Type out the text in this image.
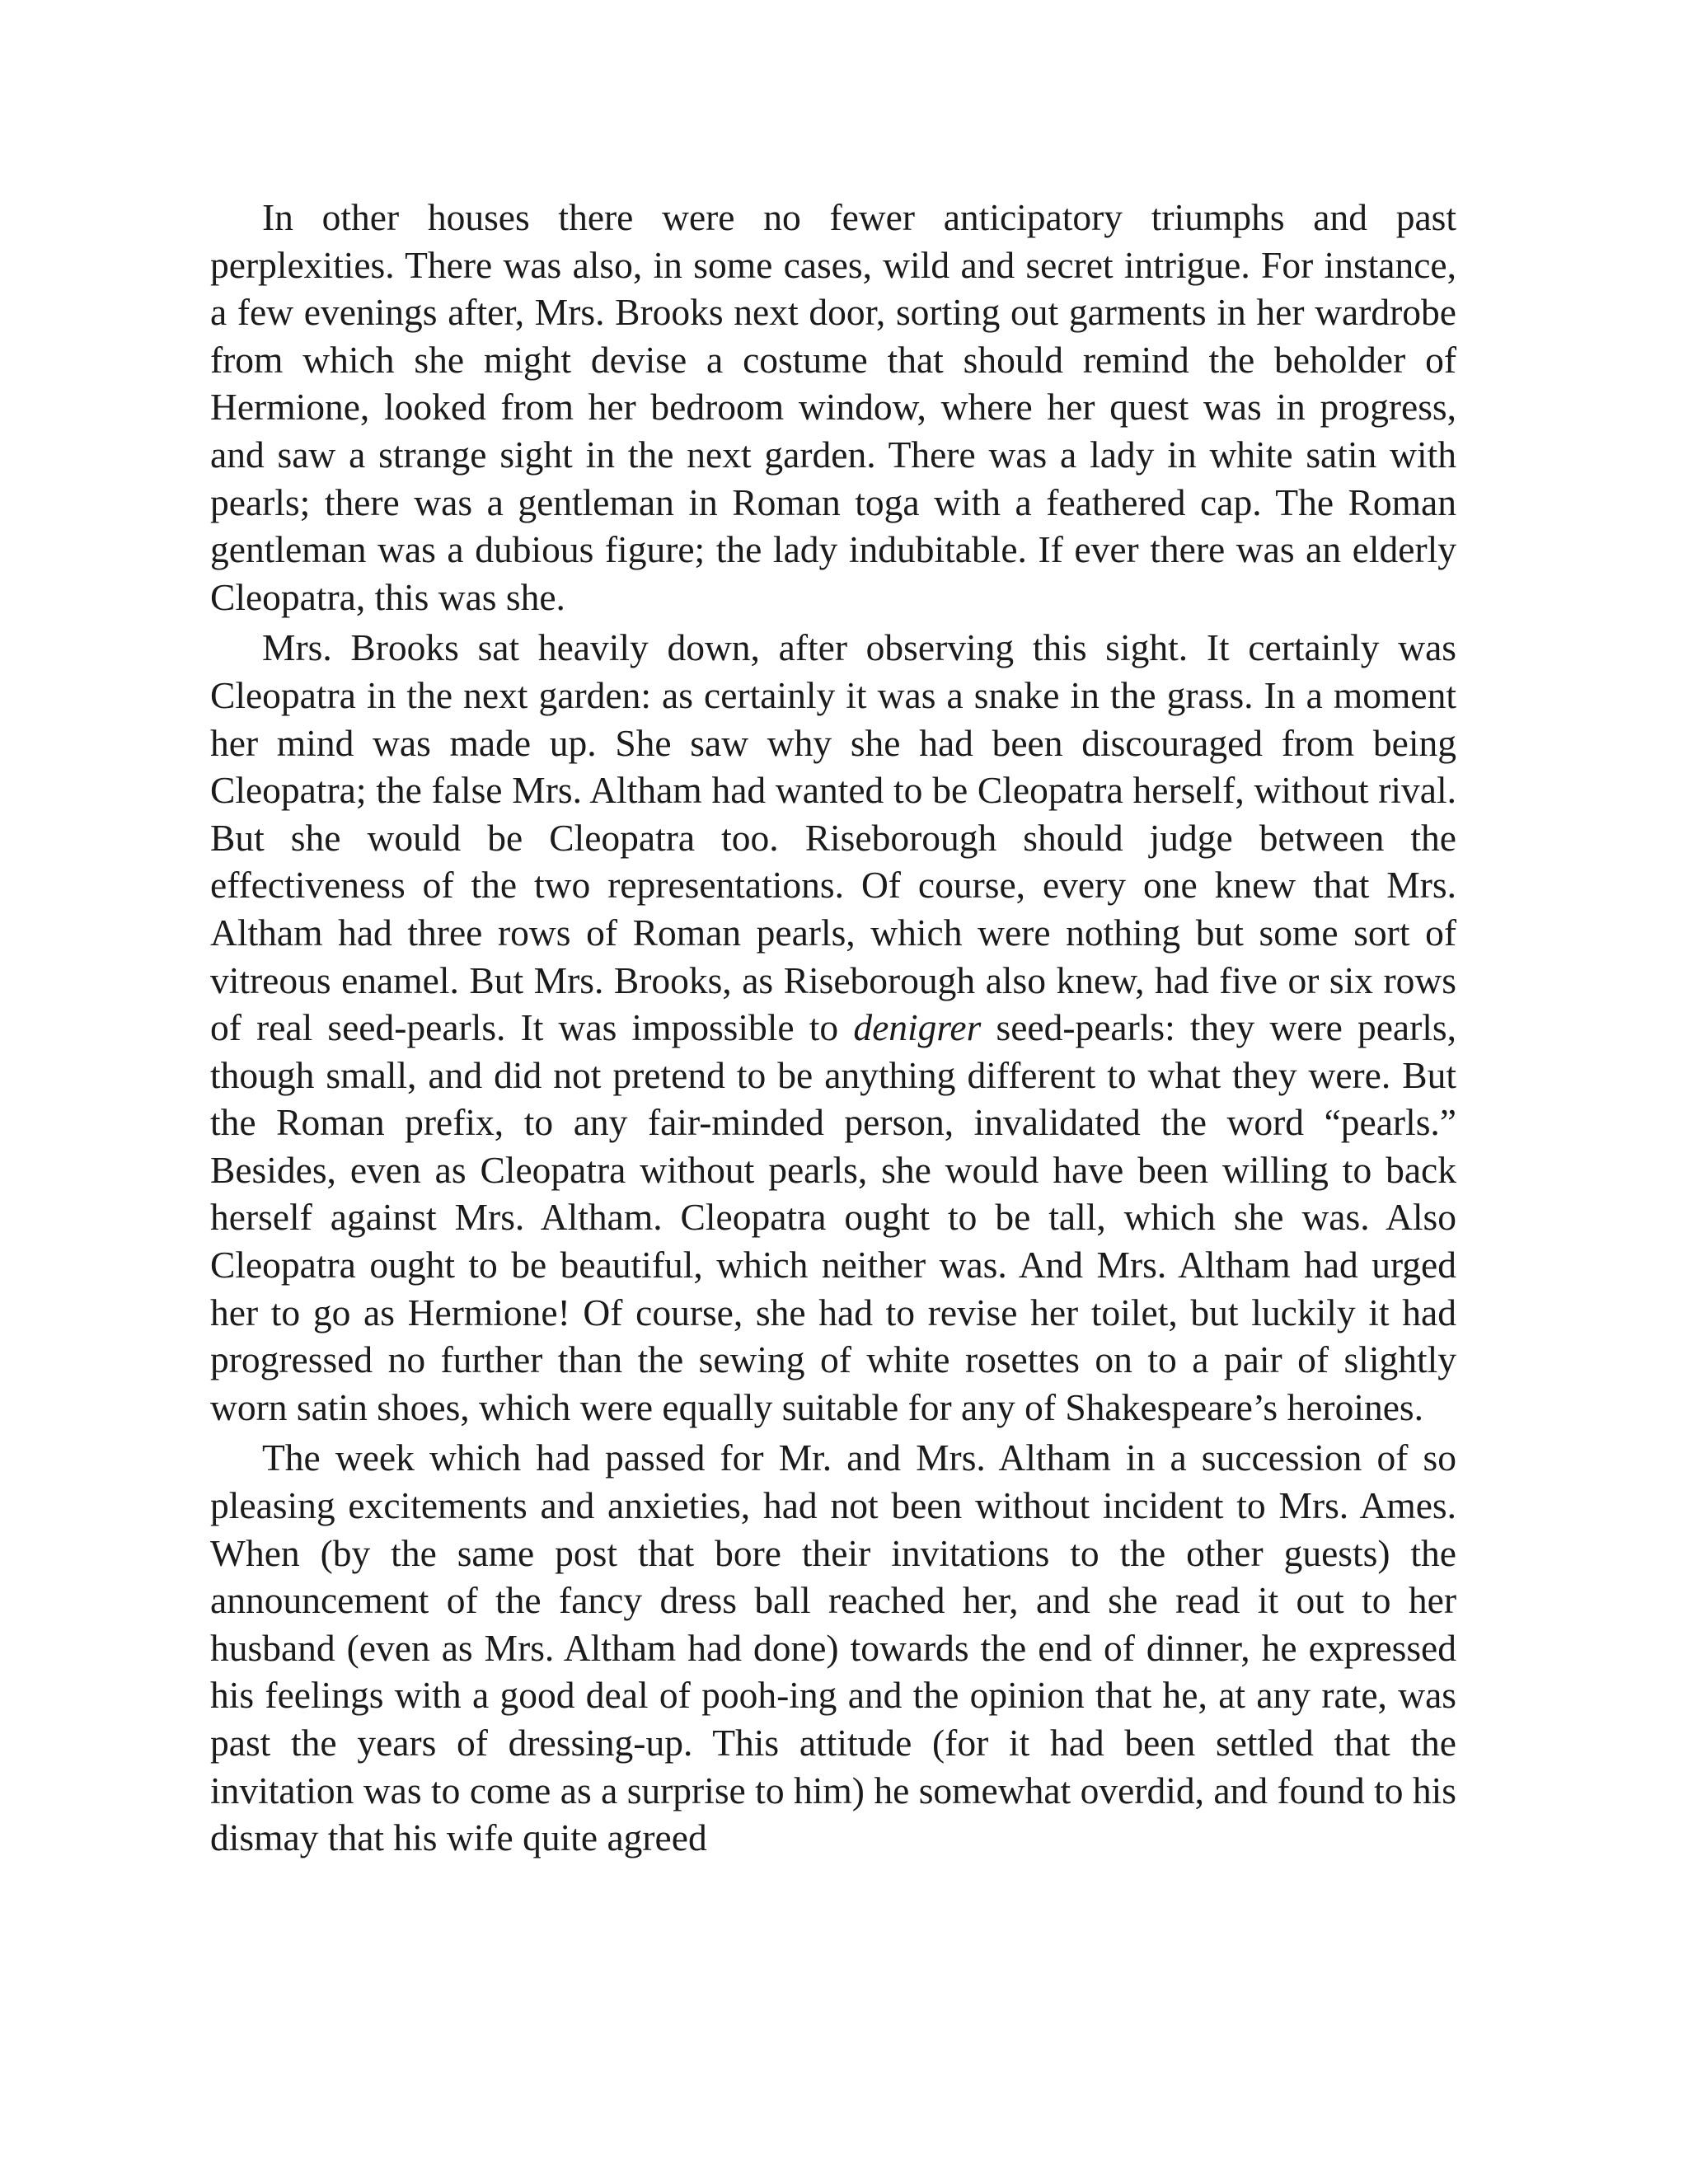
In other houses there were no fewer anticipatory triumphs and past perplexities. There was also, in some cases, wild and secret intrigue. For instance, a few evenings after, Mrs. Brooks next door, sorting out garments in her wardrobe from which she might devise a costume that should remind the beholder of Hermione, looked from her bedroom window, where her quest was in progress, and saw a strange sight in the next garden. There was a lady in white satin with pearls; there was a gentleman in Roman toga with a feathered cap. The Roman gentleman was a dubious figure; the lady indubitable. If ever there was an elderly Cleopatra, this was she.

Mrs. Brooks sat heavily down, after observing this sight. It certainly was Cleopatra in the next garden: as certainly it was a snake in the grass. In a moment her mind was made up. She saw why she had been discouraged from being Cleopatra; the false Mrs. Altham had wanted to be Cleopatra herself, without rival. But she would be Cleopatra too. Riseborough should judge between the effectiveness of the two representations. Of course, every one knew that Mrs. Altham had three rows of Roman pearls, which were nothing but some sort of vitreous enamel. But Mrs. Brooks, as Riseborough also knew, had five or six rows of real seed-pearls. It was impossible to denigrer seed-pearls: they were pearls, though small, and did not pretend to be anything different to what they were. But the Roman prefix, to any fair-minded person, invalidated the word “pearls.” Besides, even as Cleopatra without pearls, she would have been willing to back herself against Mrs. Altham. Cleopatra ought to be tall, which she was. Also Cleopatra ought to be beautiful, which neither was. And Mrs. Altham had urged her to go as Hermione! Of course, she had to revise her toilet, but luckily it had progressed no further than the sewing of white rosettes on to a pair of slightly worn satin shoes, which were equally suitable for any of Shakespeare’s heroines.

The week which had passed for Mr. and Mrs. Altham in a succession of so pleasing excitements and anxieties, had not been without incident to Mrs. Ames. When (by the same post that bore their invitations to the other guests) the announcement of the fancy dress ball reached her, and she read it out to her husband (even as Mrs. Altham had done) towards the end of dinner, he expressed his feelings with a good deal of pooh-ing and the opinion that he, at any rate, was past the years of dressing-up. This attitude (for it had been settled that the invitation was to come as a surprise to him) he somewhat overdid, and found to his dismay that his wife quite agreed
